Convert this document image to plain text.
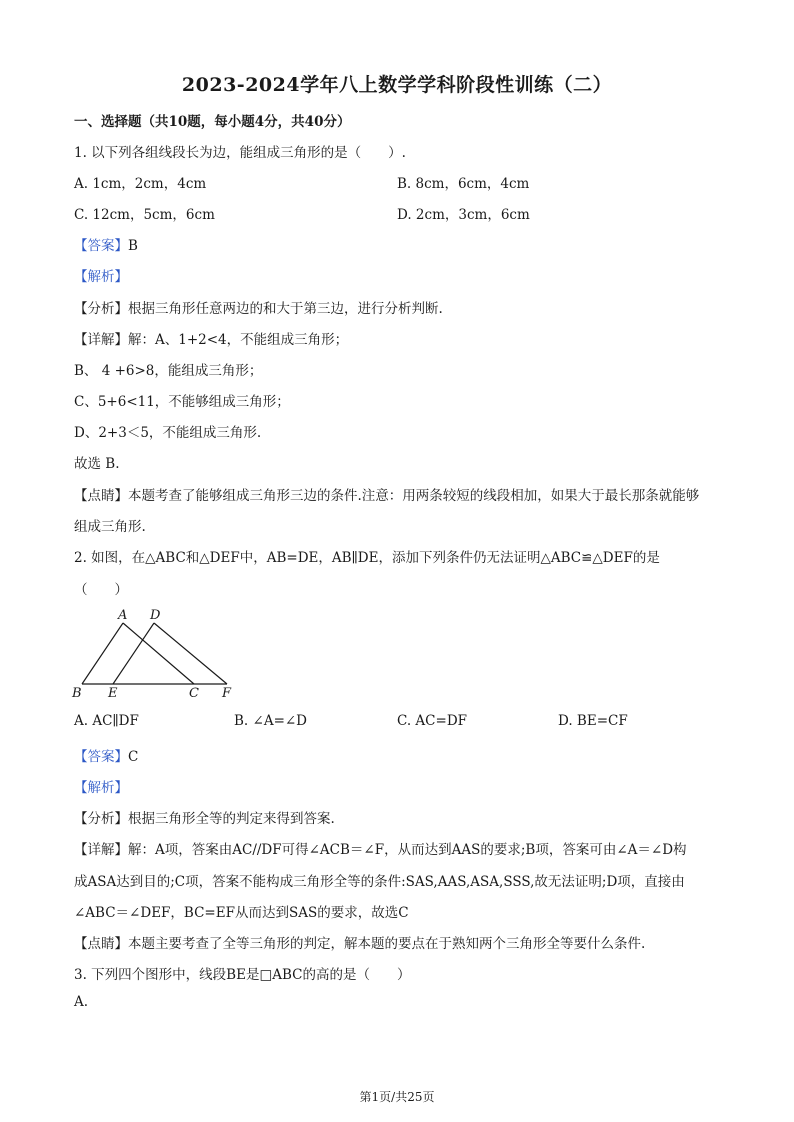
2023-2024学年八上数学学科阶段性训练（二）
一、选择题（共10题，每小题4分，共40分）
1. 以下列各组线段长为边，能组成三角形的是（　　）.
A. 1cm，2cm，4cm	B. 8cm，6cm，4cm
C. 12cm，5cm，6cm	D. 2cm，3cm，6cm
【答案】B
【解析】
【分析】根据三角形任意两边的和大于第三边，进行分析判断.
【详解】解：A、1+2<4，不能组成三角形；
B、 4 +6>8，能组成三角形；
C、5+6<11，不能够组成三角形；
D、2+3＜5，不能组成三角形.
故选 B.
【点睛】本题考查了能够组成三角形三边的条件.注意：用两条较短的线段相加，如果大于最长那条就能够
组成三角形.
2. 如图，在△ABC和△DEF中，AB=DE，AB∥DE，添加下列条件仍无法证明△ABC≌△DEF的是
（　　）
A D
B E	C F
A. AC∥DF	B. ∠A=∠D	C. AC=DF	D. BE=CF
【答案】C
【解析】
【分析】根据三角形全等的判定来得到答案.
【详解】解：A项，答案由AC//DF可得∠ACB＝∠F，从而达到AAS的要求;B项，答案可由∠A＝∠D构
成ASA达到目的;C项，答案不能构成三角形全等的条件:SAS,AAS,ASA,SSS,故无法证明;D项，直接由
∠ABC＝∠DEF，BC=EF从而达到SAS的要求，故选C
【点睛】本题主要考查了全等三角形的判定，解本题的要点在于熟知两个三角形全等要什么条件.
3. 下列四个图形中，线段BE是□ABC的高的是（　　）
A.
第1页/共25页
